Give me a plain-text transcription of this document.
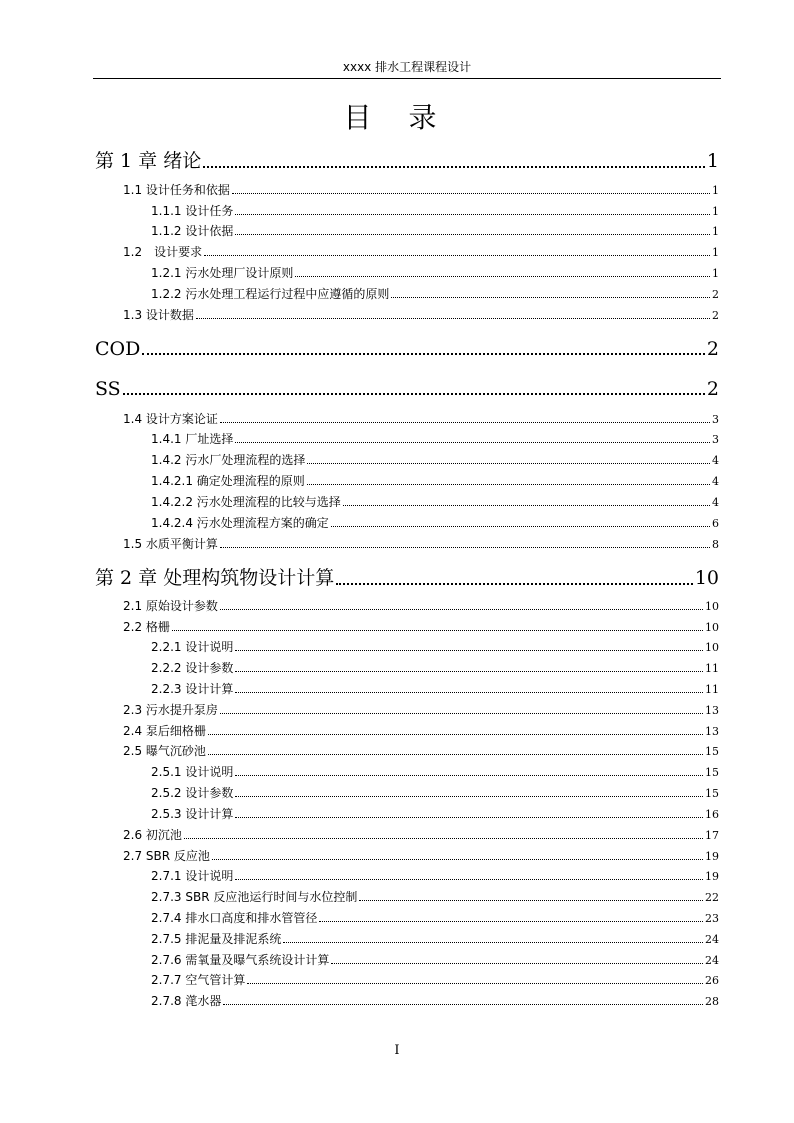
xxxx 排水工程课程设计
目 录
第 1 章 绪论	1
1.1 设计任务和依据	1
1.1.1 设计任务	1
1.1.2 设计依据	1
1.2　设计要求	1
1.2.1 污水处理厂设计原则	1
1.2.2 污水处理工程运行过程中应遵循的原则	2
1.3 设计数据	2
COD	2
SS	2
1.4 设计方案论证	3
1.4.1 厂址选择	3
1.4.2 污水厂处理流程的选择	4
1.4.2.1 确定处理流程的原则	4
1.4.2.2 污水处理流程的比较与选择	4
1.4.2.4 污水处理流程方案的确定	6
1.5 水质平衡计算	8
第 2 章 处理构筑物设计计算	10
2.1 原始设计参数	10
2.2 格栅	10
2.2.1 设计说明	10
2.2.2 设计参数	11
2.2.3 设计计算	11
2.3 污水提升泵房	13
2.4 泵后细格栅	13
2.5 曝气沉砂池	15
2.5.1 设计说明	15
2.5.2 设计参数	15
2.5.3 设计计算	16
2.6 初沉池	17
2.7 SBR 反应池	19
2.7.1 设计说明	19
2.7.3 SBR 反应池运行时间与水位控制	22
2.7.4 排水口高度和排水管管径	23
2.7.5 排泥量及排泥系统	24
2.7.6 需氧量及曝气系统设计计算	24
2.7.7 空气管计算	26
2.7.8 滗水器	28
I
